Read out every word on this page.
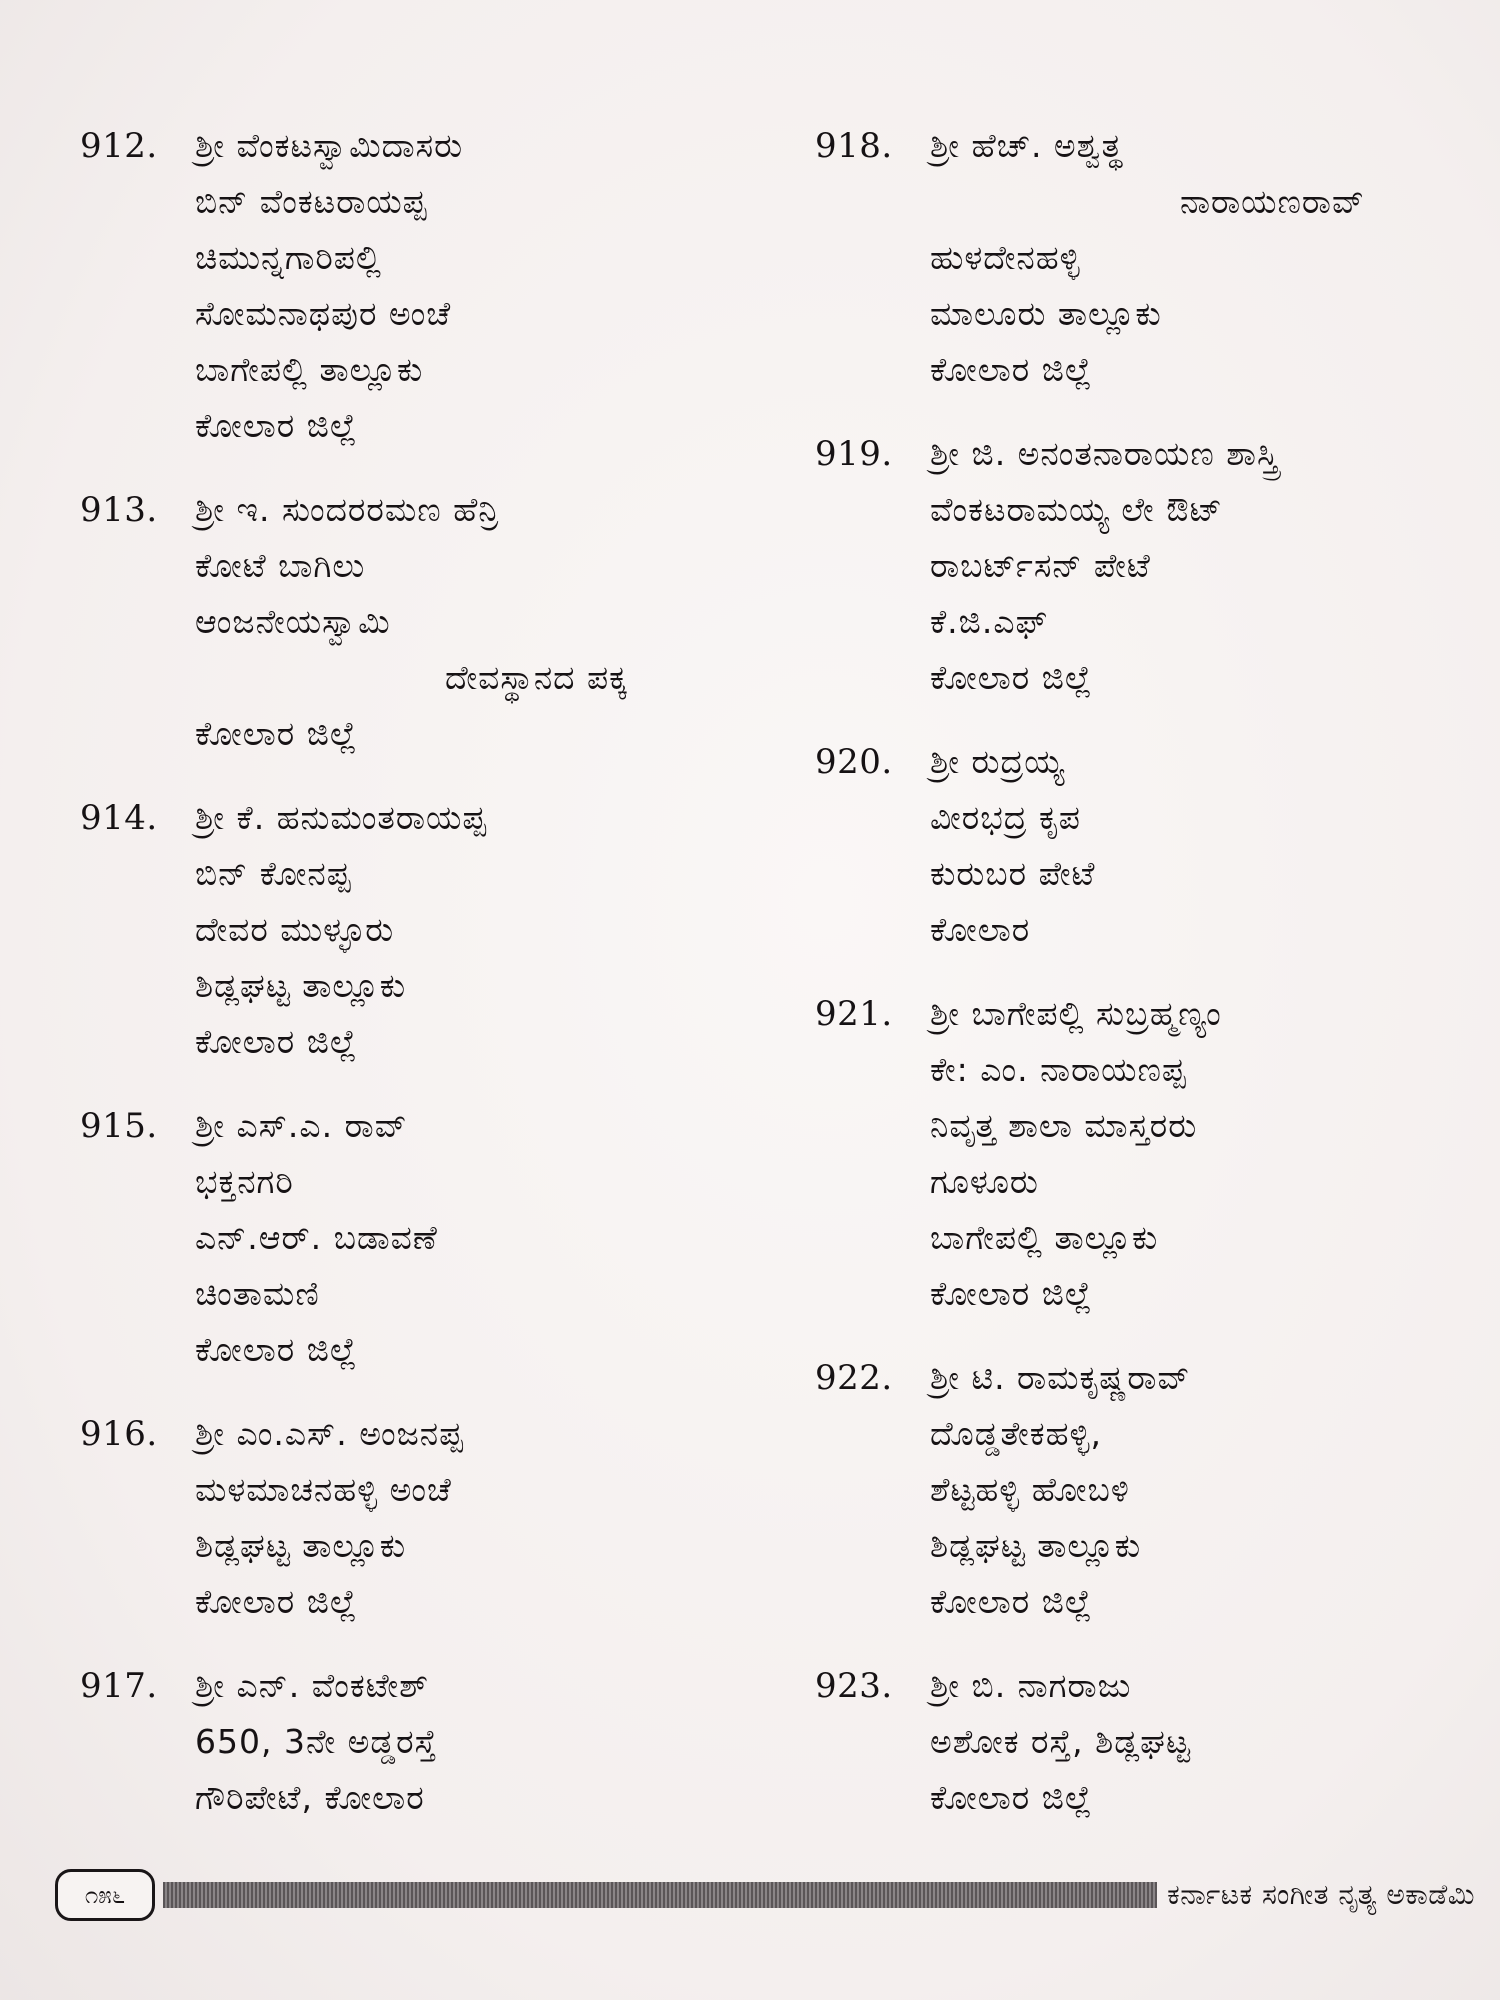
912.	ಶ್ರೀ ವೆಂಕಟಸ್ವಾಮಿದಾಸರು
ಬಿನ್ ವೆಂಕಟರಾಯಪ್ಪ
ಚಿಮುನ್ನಗಾರಿಪಲ್ಲಿ
ಸೋಮನಾಥಪುರ ಅಂಚೆ
ಬಾಗೇಪಲ್ಲಿ ತಾಲ್ಲೂಕು
ಕೋಲಾರ ಜಿಲ್ಲೆ
913.	ಶ್ರೀ ಇ. ಸುಂದರರಮಣ ಹೆನ್ರಿ
ಕೋಟೆ ಬಾಗಿಲು
ಆಂಜನೇಯಸ್ವಾಮಿ
ದೇವಸ್ಥಾನದ ಪಕ್ಕ
ಕೋಲಾರ ಜಿಲ್ಲೆ
914.	ಶ್ರೀ ಕೆ. ಹನುಮಂತರಾಯಪ್ಪ
ಬಿನ್ ಕೋನಪ್ಪ
ದೇವರ ಮುಳ್ಳೂರು
ಶಿಡ್ಲಘಟ್ಟ ತಾಲ್ಲೂಕು
ಕೋಲಾರ ಜಿಲ್ಲೆ
915.	ಶ್ರೀ ಎಸ್.ಎ. ರಾವ್
ಭಕ್ತನಗರಿ
ಎನ್.ಆರ್. ಬಡಾವಣೆ
ಚಿಂತಾಮಣಿ
ಕೋಲಾರ ಜಿಲ್ಲೆ
916.	ಶ್ರೀ ಎಂ.ಎಸ್. ಅಂಜನಪ್ಪ
ಮಳಮಾಚನಹಳ್ಳಿ ಅಂಚೆ
ಶಿಡ್ಲಘಟ್ಟ ತಾಲ್ಲೂಕು
ಕೋಲಾರ ಜಿಲ್ಲೆ
917.	ಶ್ರೀ ಎನ್. ವೆಂಕಟೇಶ್
650, 3ನೇ ಅಡ್ಡರಸ್ತೆ
ಗೌರಿಪೇಟೆ, ಕೋಲಾರ
918.	ಶ್ರೀ ಹೆಚ್. ಅಶ್ವತ್ಥ
ನಾರಾಯಣರಾವ್
ಹುಳದೇನಹಳ್ಳಿ
ಮಾಲೂರು ತಾಲ್ಲೂಕು
ಕೋಲಾರ ಜಿಲ್ಲೆ
919.	ಶ್ರೀ ಜಿ. ಅನಂತನಾರಾಯಣ ಶಾಸ್ತ್ರಿ
ವೆಂಕಟರಾಮಯ್ಯ ಲೇ ಔಟ್
ರಾಬರ್ಟ್‌ಸನ್ ಪೇಟೆ
ಕೆ.ಜಿ.ಎಫ್
ಕೋಲಾರ ಜಿಲ್ಲೆ
920.	ಶ್ರೀ ರುದ್ರಯ್ಯ
ವೀರಭದ್ರ ಕೃಪ
ಕುರುಬರ ಪೇಟೆ
ಕೋಲಾರ
921.	ಶ್ರೀ ಬಾಗೇಪಲ್ಲಿ ಸುಬ್ರಹ್ಮಣ್ಯಂ
ಕೇ: ಎಂ. ನಾರಾಯಣಪ್ಪ
ನಿವೃತ್ತ ಶಾಲಾ ಮಾಸ್ತರರು
ಗೂಳೂರು
ಬಾಗೇಪಲ್ಲಿ ತಾಲ್ಲೂಕು
ಕೋಲಾರ ಜಿಲ್ಲೆ
922.	ಶ್ರೀ ಟಿ. ರಾಮಕೃಷ್ಣರಾವ್
ದೊಡ್ಡತೇಕಹಳ್ಳಿ,
ಶೆಟ್ಟಹಳ್ಳಿ ಹೋಬಳಿ
ಶಿಡ್ಲಘಟ್ಟ ತಾಲ್ಲೂಕು
ಕೋಲಾರ ಜಿಲ್ಲೆ
923.	ಶ್ರೀ ಬಿ. ನಾಗರಾಜು
ಅಶೋಕ ರಸ್ತೆ, ಶಿಡ್ಲಘಟ್ಟ
ಕೋಲಾರ ಜಿಲ್ಲೆ
೧೫೬	ಕರ್ನಾಟಕ ಸಂಗೀತ ನೃತ್ಯ ಅಕಾಡೆಮಿ
